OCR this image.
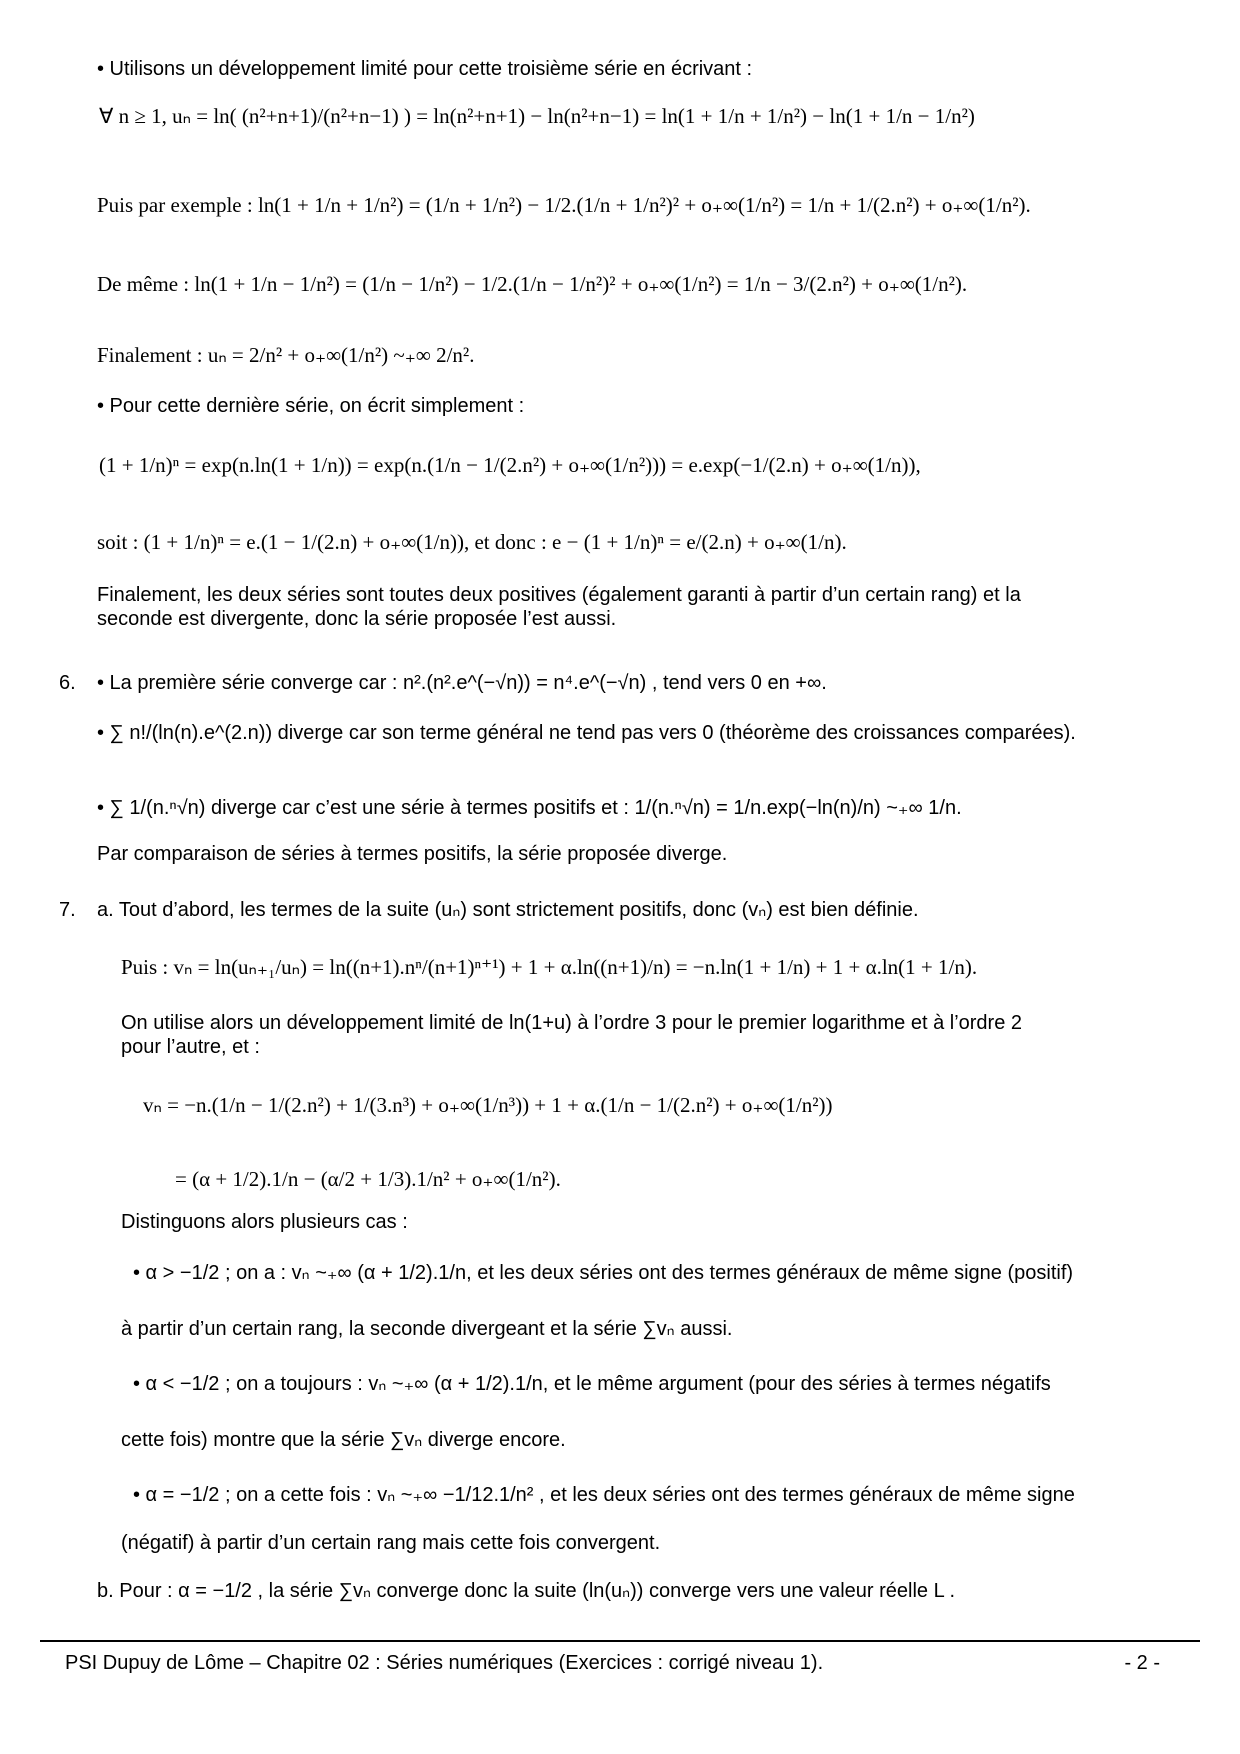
• Utilisons un développement limité pour cette troisième série en écrivant :
∀ n ≥ 1, uₙ = ln( (n²+n+1)/(n²+n−1) ) = ln(n²+n+1) − ln(n²+n−1) = ln(1 + 1/n + 1/n²) − ln(1 + 1/n − 1/n²)
Puis par exemple : ln(1 + 1/n + 1/n²) = (1/n + 1/n²) − 1/2.(1/n + 1/n²)² + o₊∞(1/n²) = 1/n + 1/(2.n²) + o₊∞(1/n²).
De même : ln(1 + 1/n − 1/n²) = (1/n − 1/n²) − 1/2.(1/n − 1/n²)² + o₊∞(1/n²) = 1/n − 3/(2.n²) + o₊∞(1/n²).
Finalement : uₙ = 2/n² + o₊∞(1/n²) ~₊∞ 2/n².
• Pour cette dernière série, on écrit simplement :
(1 + 1/n)ⁿ = exp(n.ln(1 + 1/n)) = exp(n.(1/n − 1/(2.n²) + o₊∞(1/n²))) = e.exp(−1/(2.n) + o₊∞(1/n)),
soit : (1 + 1/n)ⁿ = e.(1 − 1/(2.n) + o₊∞(1/n)), et donc : e − (1 + 1/n)ⁿ = e/(2.n) + o₊∞(1/n).
Finalement, les deux séries sont toutes deux positives (également garanti à partir d’un certain rang) et la
seconde est divergente, donc la série proposée l’est aussi.
6. • La première série converge car : n².(n².e^(−√n)) = n⁴.e^(−√n) , tend vers 0 en +∞.
• ∑ n!/(ln(n).e^(2.n)) diverge car son terme général ne tend pas vers 0 (théorème des croissances comparées).
• ∑ 1/(n.ⁿ√n) diverge car c’est une série à termes positifs et : 1/(n.ⁿ√n) = 1/n.exp(−ln(n)/n) ~₊∞ 1/n.
Par comparaison de séries à termes positifs, la série proposée diverge.
7. a. Tout d’abord, les termes de la suite (uₙ) sont strictement positifs, donc (vₙ) est bien définie.
Puis : vₙ = ln(uₙ₊₁/uₙ) = ln((n+1).nⁿ/(n+1)ⁿ⁺¹) + 1 + α.ln((n+1)/n) = −n.ln(1 + 1/n) + 1 + α.ln(1 + 1/n).
On utilise alors un développement limité de ln(1+u) à l’ordre 3 pour le premier logarithme et à l’ordre 2
pour l’autre, et :
vₙ = −n.(1/n − 1/(2.n²) + 1/(3.n³) + o₊∞(1/n³)) + 1 + α.(1/n − 1/(2.n²) + o₊∞(1/n²))
= (α + 1/2).1/n − (α/2 + 1/3).1/n² + o₊∞(1/n²).
Distinguons alors plusieurs cas :
• α > −1/2 ; on a : vₙ ~₊∞ (α + 1/2).1/n, et les deux séries ont des termes généraux de même signe (positif)
à partir d’un certain rang, la seconde divergeant et la série ∑vₙ aussi.
• α < −1/2 ; on a toujours : vₙ ~₊∞ (α + 1/2).1/n, et le même argument (pour des séries à termes négatifs
cette fois) montre que la série ∑vₙ diverge encore.
• α = −1/2 ; on a cette fois : vₙ ~₊∞ −1/12.1/n² , et les deux séries ont des termes généraux de même signe
(négatif) à partir d’un certain rang mais cette fois convergent.
b. Pour : α = −1/2 , la série ∑vₙ converge donc la suite (ln(uₙ)) converge vers une valeur réelle L .
PSI Dupuy de Lôme – Chapitre 02 : Séries numériques (Exercices : corrigé niveau 1).	- 2 -
